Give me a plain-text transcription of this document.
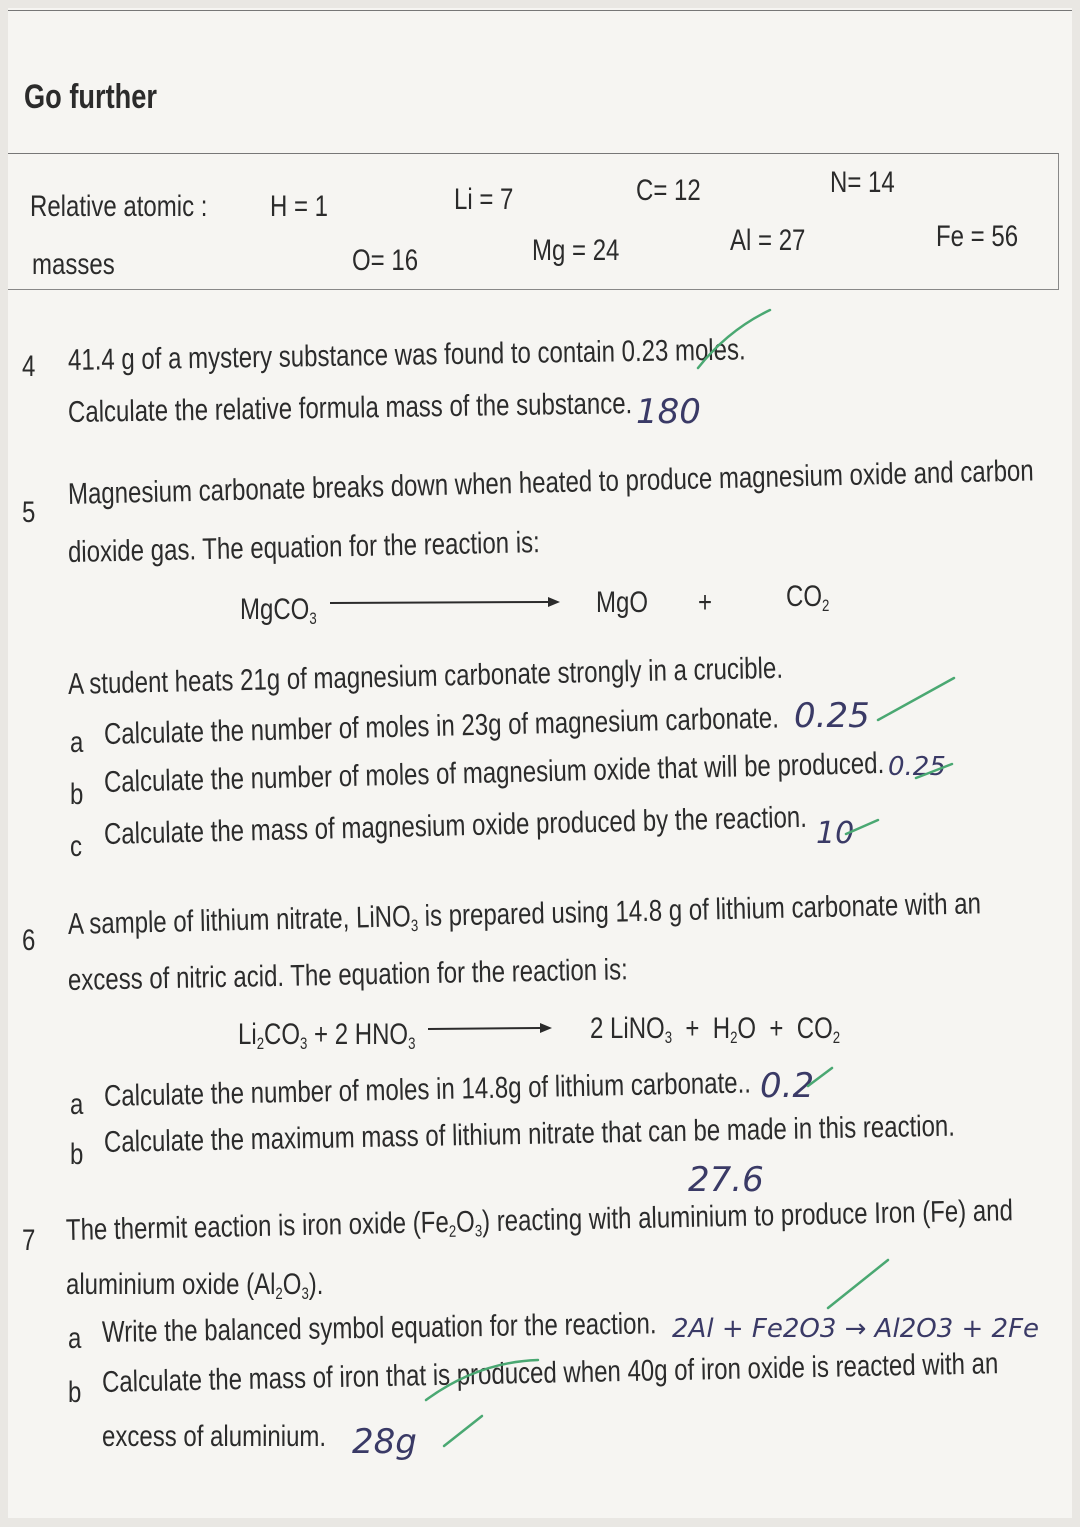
Go further
Relative atomic :
masses
H = 1	Li = 7	C= 12	N= 14
O= 16	Mg = 24	Al = 27	Fe = 56
4 41.4 g of a mystery substance was found to contain 0.23 moles.
Calculate the relative formula mass of the substance. 180
5
Magnesium carbonate breaks down when heated to produce magnesium oxide and carbon
dioxide gas. The equation for the reaction is:
MgCO$_3$	MgO	+ $CO_2$
A student heats 21g of magnesium carbonate strongly in a crucible.
a Calculate the number of moles in 23g of magnesium carbonate. 0.25
b Calculate the number of moles of magnesium oxide that will be produced. 0.25
c Calculate the mass of magnesium oxide produced by the reaction. 10
6 A sample of lithium nitrate, LiNO$_3$ is prepared using 14.8 g of lithium carbonate with an
excess of nitric acid. The equation for the reaction is:
$Li_2CO_3 + 2$ $HNO_3$	2 LiNO$_3$  +  $H_2O + CO_2$
a Calculate the number of moles in 14.8g of lithium carbonate.. 0.2
b Calculate the maximum mass of lithium nitrate that can be made in this reaction.
27.6
7 The thermit eaction is iron oxide $(Fe_2O_3)$ reacting with aluminium to produce Iron (Fe) and
aluminium oxide $(Al_2O_3)$.
a Write the balanced symbol equation for the reaction. 2Al + Fe2O3 → Al2O3 + 2Fe
b Calculate the mass of iron that is produced when 40g of iron oxide is reacted with an
excess of aluminium. 28g
